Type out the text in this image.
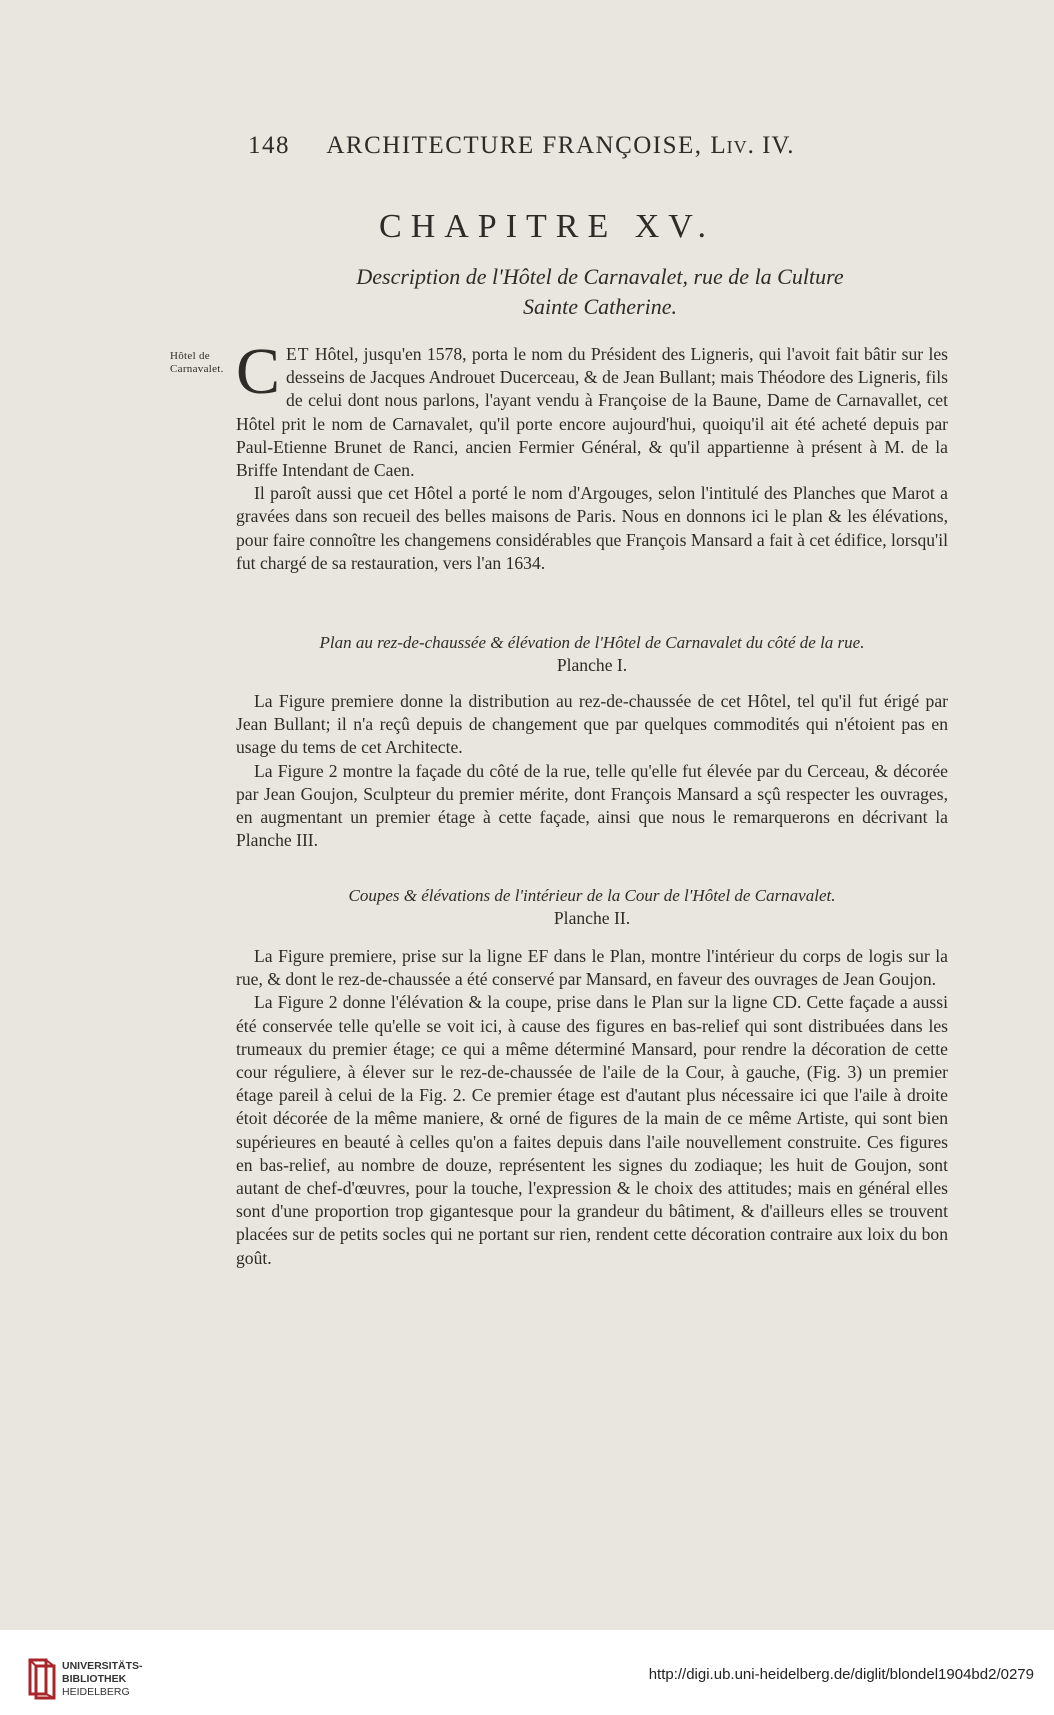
148 ARCHITECTURE FRANÇOISE, Liv. IV.
CHAPITRE XV.
Description de l'Hôtel de Carnavalet, rue de la Culture
Sainte Catherine.
Hôtel de Carnavalet. CET Hôtel, jusqu'en 1578, porta le nom du Président des Ligneris, qui l'avoit fait bâtir sur les desseins de Jacques Androuet Ducerceau, & de Jean Bullant; mais Théodore des Ligneris, fils de celui dont nous parlons, l'ayant vendu à Françoise de la Baune, Dame de Carnavallet, cet Hôtel prit le nom de Carnavalet, qu'il porte encore aujourd'hui, quoiqu'il ait été acheté depuis par Paul-Etienne Brunet de Ranci, ancien Fermier Général, & qu'il appartienne à présent à M. de la Briffe Intendant de Caen.

Il paroît aussi que cet Hôtel a porté le nom d'Argouges, selon l'intitulé des Planches que Marot a gravées dans son recueil des belles maisons de Paris. Nous en donnons ici le plan & les élévations, pour faire connoître les changemens considérables que François Mansard a fait à cet édifice, lorsqu'il fut chargé de sa restauration, vers l'an 1634.

Plan au rez-de-chaussée & élévation de l'Hôtel de Carnavalet du côté de la rue.
Planche I.

La Figure premiere donne la distribution au rez-de-chaussée de cet Hôtel, tel qu'il fut érigé par Jean Bullant; il n'a reçû depuis de changement que par quelques commodités qui n'étoient pas en usage du tems de cet Architecte.

La Figure 2 montre la façade du côté de la rue, telle qu'elle fut élevée par du Cerceau, & décorée par Jean Goujon, Sculpteur du premier mérite, dont François Mansard a sçû respecter les ouvrages, en augmentant un premier étage à cette façade, ainsi que nous le remarquerons en décrivant la Planche III.

Coupes & élévations de l'intérieur de la Cour de l'Hôtel de Carnavalet.
Planche II.

La Figure premiere, prise sur la ligne EF dans le Plan, montre l'intérieur du corps de logis sur la rue, & dont le rez-de-chaussée a été conservé par Mansard, en faveur des ouvrages de Jean Goujon.

La Figure 2 donne l'élévation & la coupe, prise dans le Plan sur la ligne CD. Cette façade a aussi été conservée telle qu'elle se voit ici, à cause des figures en bas-relief qui sont distribuées dans les trumeaux du premier étage; ce qui a même déterminé Mansard, pour rendre la décoration de cette cour réguliere, à élever sur le rez-de-chaussée de l'aile de la Cour, à gauche, (Fig. 3) un premier étage pareil à celui de la Fig. 2. Ce premier étage est d'autant plus nécessaire ici que l'aile à droite étoit décorée de la même maniere, & orné de figures de la main de ce même Artiste, qui sont bien supérieures en beauté à celles qu'on a faites depuis dans l'aile nouvellement construite. Ces figures en bas-relief, au nombre de douze, représentent les signes du zodiaque; les huit de Goujon, sont autant de chef-d'œuvres, pour la touche, l'expression & le choix des attitudes; mais en général elles sont d'une proportion trop gigantesque pour la grandeur du bâtiment, & d'ailleurs elles se trouvent placées sur de petits socles qui ne portant sur rien, rendent cette décoration contraire aux loix du bon goût.

UNIVERSITÄTS-
BIBLIOTHEK
HEIDELBERG
http://digi.ub.uni-heidelberg.de/diglit/blondel1904bd2/0279
